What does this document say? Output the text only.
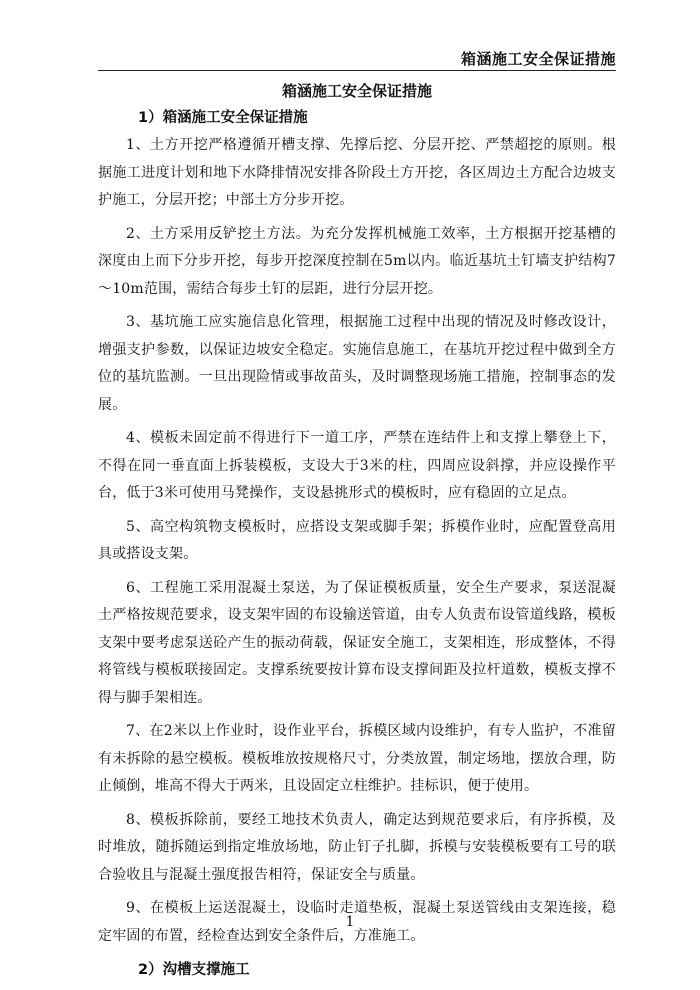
箱涵施工安全保证措施
箱涵施工安全保证措施
1）箱涵施工安全保证措施

1、土方开挖严格遵循开槽支撑、先撑后挖、分层开挖、严禁超挖的原则。根据施工进度计划和地下水降排情况安排各阶段土方开挖，各区周边土方配合边坡支护施工，分层开挖；中部土方分步开挖。

2、土方采用反铲挖土方法。为充分发挥机械施工效率，土方根据开挖基槽的深度由上而下分步开挖，每步开挖深度控制在5m以内。临近基坑土钉墙支护结构7～10m范围，需结合每步土钉的层距，进行分层开挖。

3、基坑施工应实施信息化管理，根据施工过程中出现的情况及时修改设计，增强支护参数，以保证边坡安全稳定。实施信息施工，在基坑开挖过程中做到全方位的基坑监测。一旦出现险情或事故苗头，及时调整现场施工措施，控制事态的发展。

4、模板未固定前不得进行下一道工序，严禁在连结件上和支撑上攀登上下，不得在同一垂直面上拆装模板，支设大于3米的柱，四周应设斜撑，并应设操作平台，低于3米可使用马凳操作，支设悬挑形式的模板时，应有稳固的立足点。

5、高空构筑物支模板时，应搭设支架或脚手架；拆模作业时，应配置登高用具或搭设支架。

6、工程施工采用混凝土泵送，为了保证模板质量，安全生产要求，泵送混凝土严格按规范要求，设支架牢固的布设输送管道，由专人负责布设管道线路，模板支架中要考虑泵送砼产生的振动荷载，保证安全施工，支架相连，形成整体，不得将管线与模板联接固定。支撑系统要按计算布设支撑间距及拉杆道数，模板支撑不得与脚手架相连。

7、在2米以上作业时，设作业平台，拆模区域内设维护，有专人监护，不准留有未拆除的悬空模板。模板堆放按规格尺寸，分类放置，制定场地，摆放合理，防止倾倒，堆高不得大于两米，且设固定立柱维护。挂标识，便于使用。

8、模板拆除前，要经工地技术负责人，确定达到规范要求后，有序拆模，及时堆放，随拆随运到指定堆放场地，防止钉子扎脚，拆模与安装模板要有工号的联合验收且与混凝土强度报告相符，保证安全与质量。

9、在模板上运送混凝土，设临时走道垫板，混凝土泵送管线由支架连接，稳定牢固的布置，经检查达到安全条件后，方准施工。

2）沟槽支撑施工
1
